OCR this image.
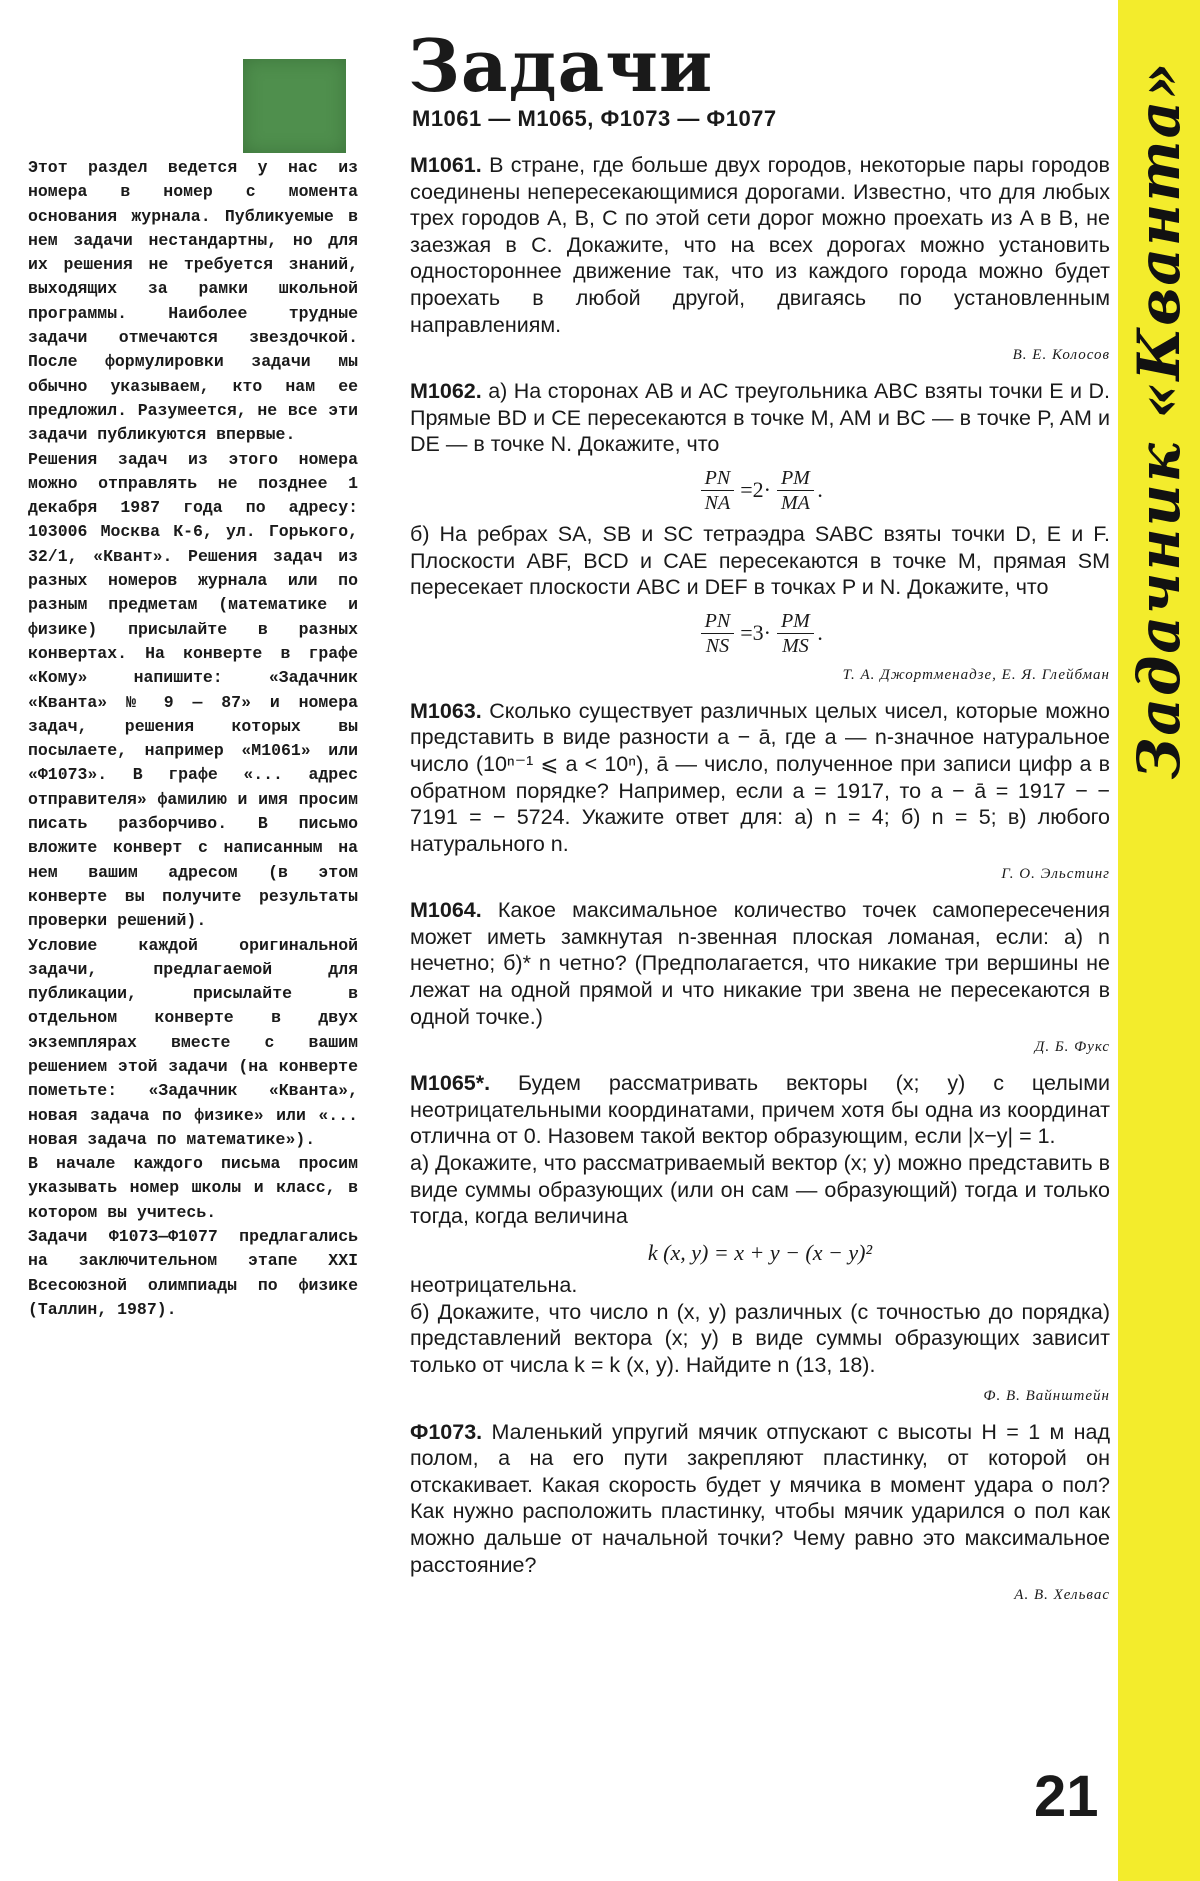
Задачник «Кванта»
Задачи
М1061 — М1065, Ф1073 — Ф1077

Этот раздел ведется у нас из номера в номер с момента основания журнала. Публикуемые в нем задачи нестандартны, но для их решения не требуется знаний, выходящих за рамки школьной программы. Наиболее трудные задачи отмечаются звездочкой. После формулировки задачи мы обычно указываем, кто нам ее предложил. Разумеется, не все эти задачи публикуются впервые.

Решения задач из этого номера можно отправлять не позднее 1 декабря 1987 года по адресу: 103006 Москва К-6, ул. Горького, 32/1, «Квант». Решения задач из разных номеров журнала или по разным предметам (математике и физике) присылайте в разных конвертах. На конверте в графе «Кому» напишите: «Задачник «Кванта» № 9 — 87» и номера задач, решения которых вы посылаете, например «М1061» или «Ф1073». В графе «... адрес отправителя» фамилию и имя просим писать разборчиво. В письмо вложите конверт с написанным на нем вашим адресом (в этом конверте вы получите результаты проверки решений).

Условие каждой оригинальной задачи, предлагаемой для публикации, присылайте в отдельном конверте в двух экземплярах вместе с вашим решением этой задачи (на конверте пометьте: «Задачник «Кванта», новая задача по физике» или «... новая задача по математике»).

В начале каждого письма просим указывать номер школы и класс, в котором вы учитесь.

Задачи Ф1073—Ф1077 предлагались на заключительном этапе XXI Всесоюзной олимпиады по физике (Таллин, 1987).

М1061. В стране, где больше двух городов, некоторые пары городов соединены непересекающимися дорогами. Известно, что для любых трех городов A, B, C по этой сети дорог можно проехать из A в B, не заезжая в C. Докажите, что на всех дорогах можно установить одностороннее движение так, что из каждого города можно будет проехать в любой другой, двигаясь по установленным направлениям.

В. Е. Колосов

М1062. а) На сторонах AB и AC треугольника ABC взяты точки E и D. Прямые BD и CE пересекаются в точке M, AM и BC — в точке P, AM и DE — в точке N. Докажите, что

$\frac{PN}{NA} =2\cdot \frac{PM}{MA}$ .

б) На ребрах SA, SB и SC тетраэдра SABC взяты точки D, E и F. Плоскости ABF, BCD и CAE пересекаются в точке M, прямая SM пересекает плоскости ABC и DEF в точках P и N. Докажите, что

$\frac{PN}{NS} =3\cdot \frac{PM}{MS}$ .
Т. А. Джортменадзе, Е. Я. Глейбман

М1063. Сколько существует различных целых чисел, которые можно представить в виде разности a − ā, где a — n-значное натуральное число (10ⁿ⁻¹ ⩽ a < 10ⁿ), ā — число, полученное при записи цифр a в обратном порядке? Например, если a = 1917, то a − ā = 1917 − − 7191 = − 5724. Укажите ответ для: а) n = 4; б) n = 5; в) любого натурального n.

Г. О. Эльстинг

М1064. Какое максимальное количество точек самопересечения может иметь замкнутая n-звенная плоская ломаная, если: а) n нечетно; б)* n четно? (Предполагается, что никакие три вершины не лежат на одной прямой и что никакие три звена не пересекаются в одной точке.)

Д. Б. Фукс

М1065*. Будем рассматривать векторы (x; y) с целыми неотрицательными координатами, причем хотя бы одна из координат отлична от 0. Назовем такой вектор образующим, если |x−y| = 1.

а) Докажите, что рассматриваемый вектор (x; y) можно представить в виде суммы образующих (или он сам — образующий) тогда и только тогда, когда величина

k (x, y) = x + y − (x − y)²

неотрицательна.

б) Докажите, что число n (x, y) различных (с точностью до порядка) представлений вектора (x; y) в виде суммы образующих зависит только от числа k = k (x, y). Найдите n (13, 18).

Ф. В. Вайнштейн

Ф1073. Маленький упругий мячик отпускают с высоты H = 1 м над полом, а на его пути закрепляют пластинку, от которой он отскакивает. Какая скорость будет у мячика в момент удара о пол? Как нужно расположить пластинку, чтобы мячик ударился о пол как можно дальше от начальной точки? Чему равно это максимальное расстояние?

А. В. Хельвас
21
